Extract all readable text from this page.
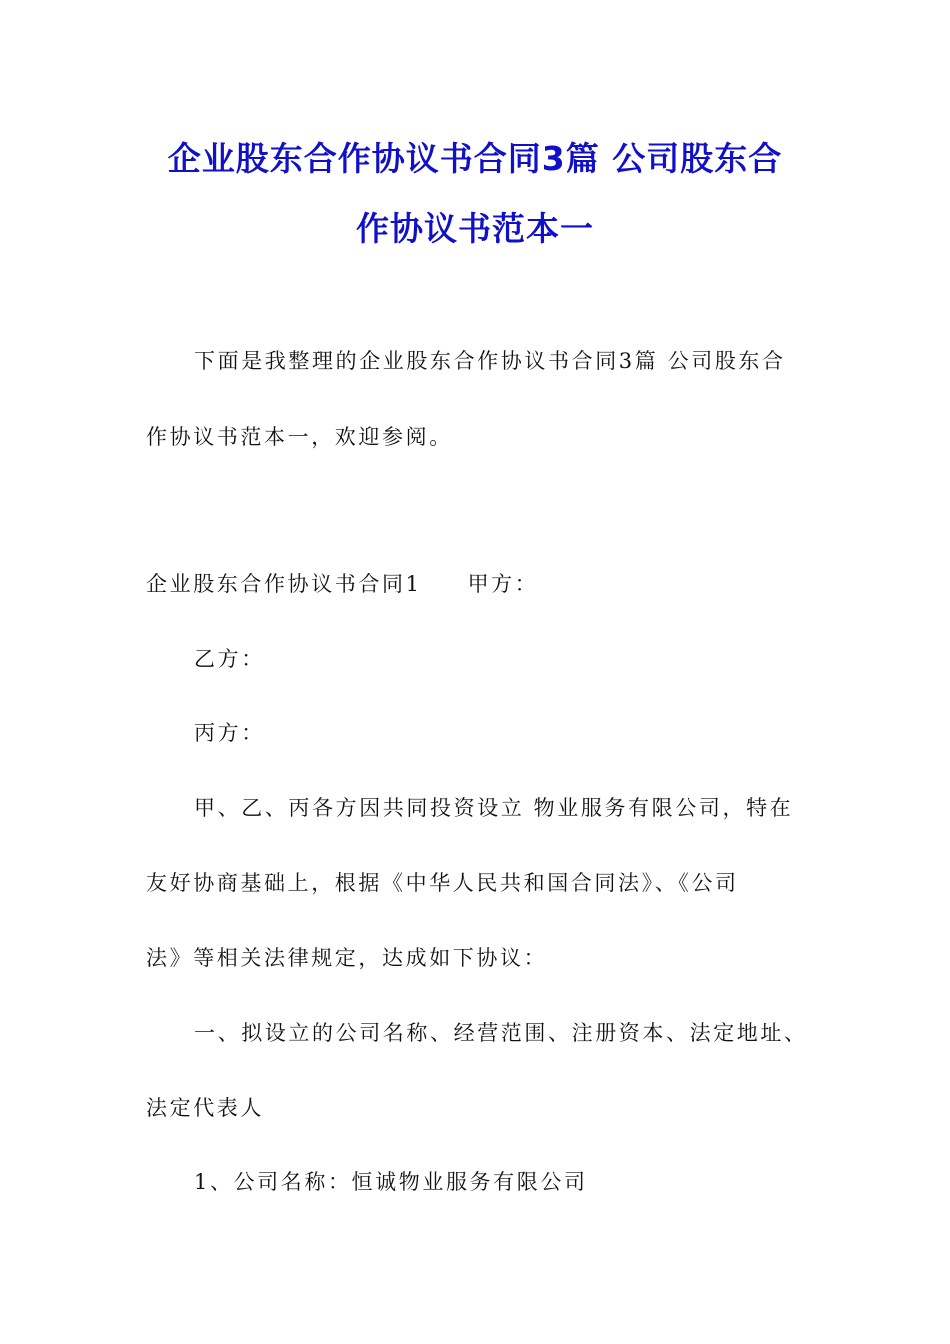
企业股东合作协议书合同3篇 公司股东合
作协议书范本一
下面是我整理的企业股东合作协议书合同3篇 公司股东合
作协议书范本一，欢迎参阅。
企业股东合作协议书合同1 甲方：
乙方：
丙方：
甲、乙、丙各方因共同投资设立 物业服务有限公司，特在
友好协商基础上，根据《中华人民共和国合同法》、《公司
法》等相关法律规定，达成如下协议：
一、拟设立的公司名称、经营范围、注册资本、法定地址、
法定代表人
1、公司名称：恒诚物业服务有限公司
